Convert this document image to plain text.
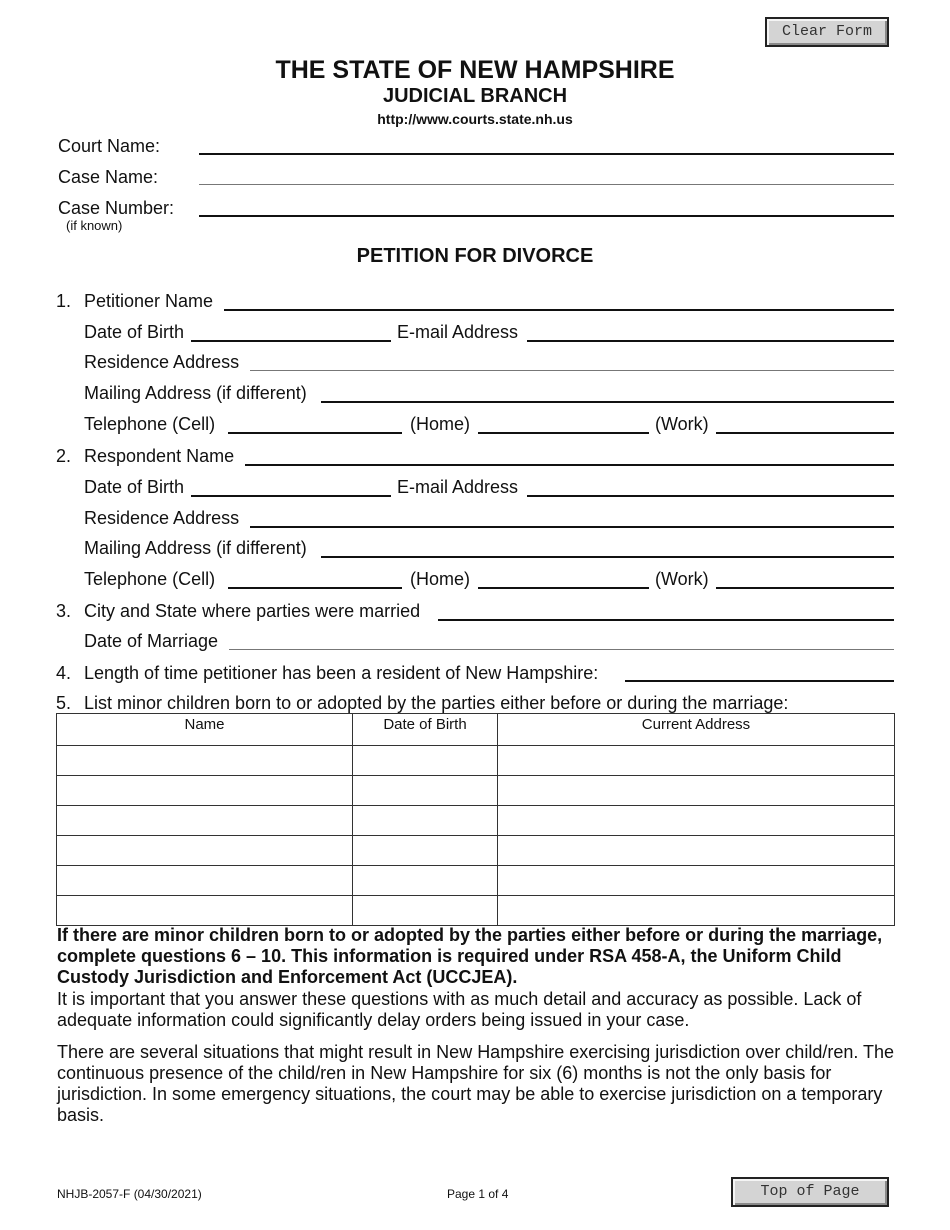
Clear Form
THE STATE OF NEW HAMPSHIRE
JUDICIAL BRANCH
http://www.courts.state.nh.us
Court Name:
Case Name:
Case Number:
(if known)
PETITION FOR DIVORCE
1. Petitioner Name
Date of Birth	E-mail Address
Residence Address
Mailing Address (if different)
Telephone (Cell)	(Home)	(Work)
2. Respondent Name
Date of Birth	E-mail Address
Residence Address
Mailing Address (if different)
Telephone (Cell)	(Home)	(Work)
3. City and State where parties were married
Date of Marriage
4. Length of time petitioner has been a resident of New Hampshire:
5. List minor children born to or adopted by the parties either before or during the marriage:
Name	Date of Birth	Current Address

If there are minor children born to or adopted by the parties either before or during the marriage, complete questions 6 – 10. This information is required under RSA 458-A, the Uniform Child Custody Jurisdiction and Enforcement Act (UCCJEA).
It is important that you answer these questions with as much detail and accuracy as possible. Lack of adequate information could significantly delay orders being issued in your case.
There are several situations that might result in New Hampshire exercising jurisdiction over child/ren. The continuous presence of the child/ren in New Hampshire for six (6) months is not the only basis for jurisdiction. In some emergency situations, the court may be able to exercise jurisdiction on a temporary basis.
NHJB-2057-F (04/30/2021)	Page 1 of 4	Top of Page
